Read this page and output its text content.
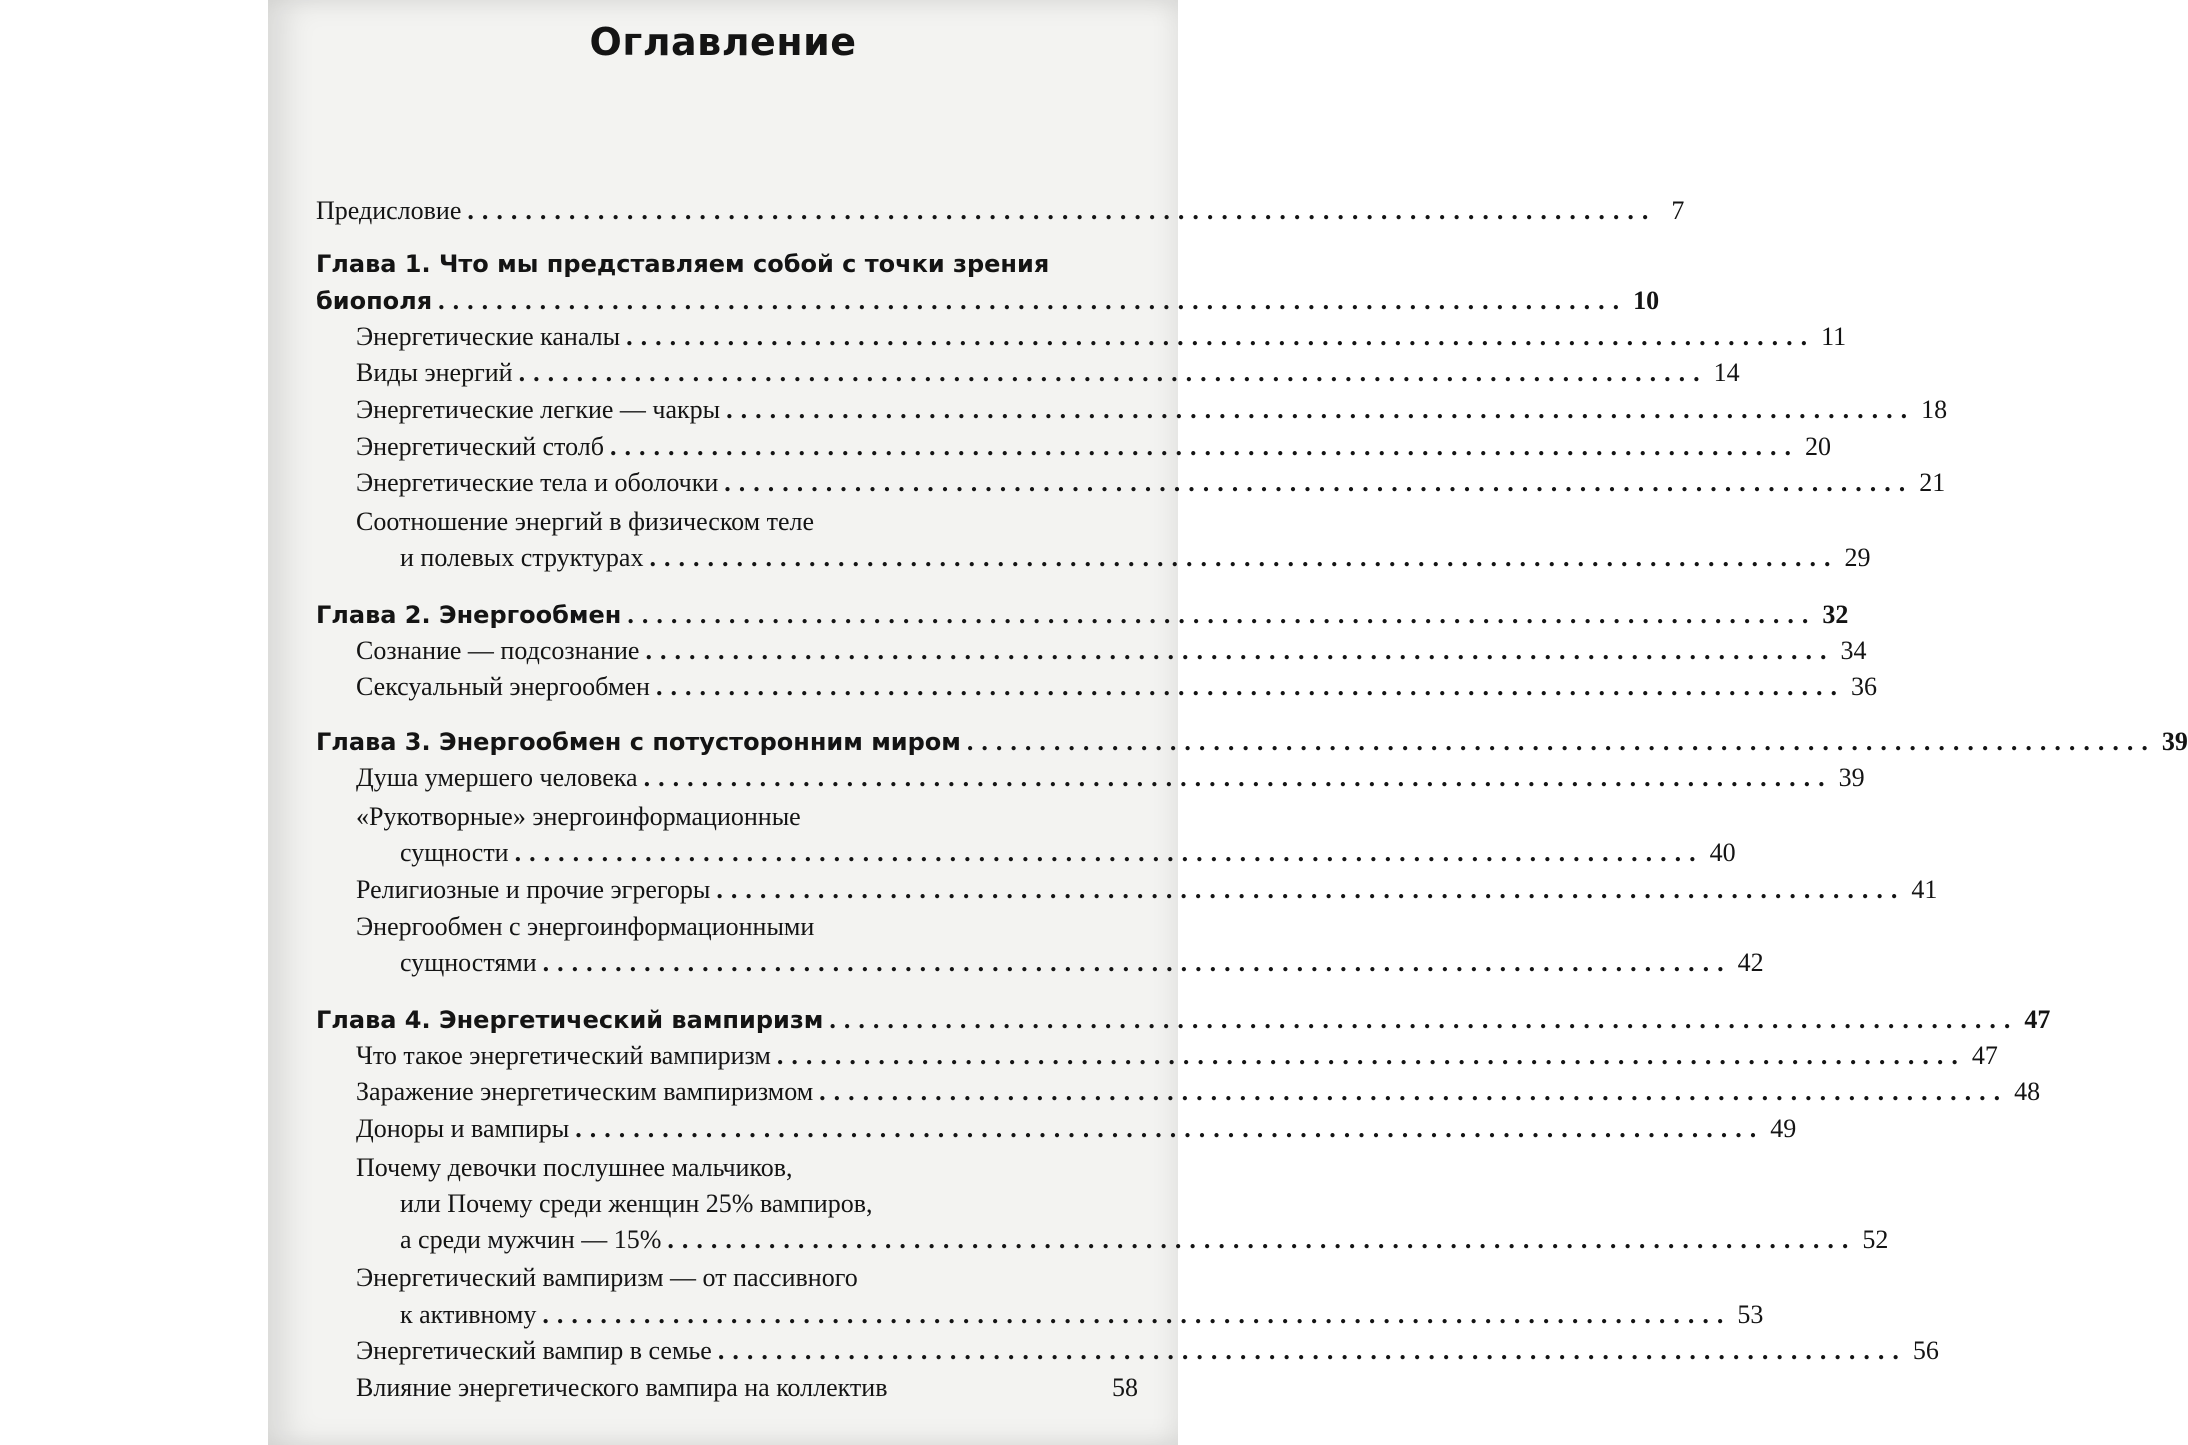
Оглавление
Предисловие .................................................................................. 7
Глава 1. Что мы представляем собой с точки зрения
биополя .................................................................................. 10
Энергетические каналы .................................................................................. 11
Виды энергий .................................................................................. 14
Энергетические легкие — чакры .................................................................................. 18
Энергетический столб .................................................................................. 20
Энергетические тела и оболочки .................................................................................. 21
Соотношение энергий в физическом теле
и полевых структурах .................................................................................. 29
Глава 2. Энергообмен .................................................................................. 32
Сознание — подсознание .................................................................................. 34
Сексуальный энергообмен .................................................................................. 36
Глава 3. Энергообмен с потусторонним миром .................................................................................. 39
Душа умершего человека .................................................................................. 39
«Рукотворные» энергоинформационные
сущности .................................................................................. 40
Религиозные и прочие эгрегоры .................................................................................. 41
Энергообмен с энергоинформационными
сущностями .................................................................................. 42
Глава 4. Энергетический вампиризм .................................................................................. 47
Что такое энергетический вампиризм .................................................................................. 47
Заражение энергетическим вампиризмом .................................................................................. 48
Доноры и вампиры .................................................................................. 49
Почему девочки послушнее мальчиков,
или Почему среди женщин 25% вампиров,
а среди мужчин — 15% .................................................................................. 52
Энергетический вампиризм — от пассивного
к активному .................................................................................. 53
Энергетический вампир в семье .................................................................................. 56
Влияние энергетического вампира на коллектив	58
